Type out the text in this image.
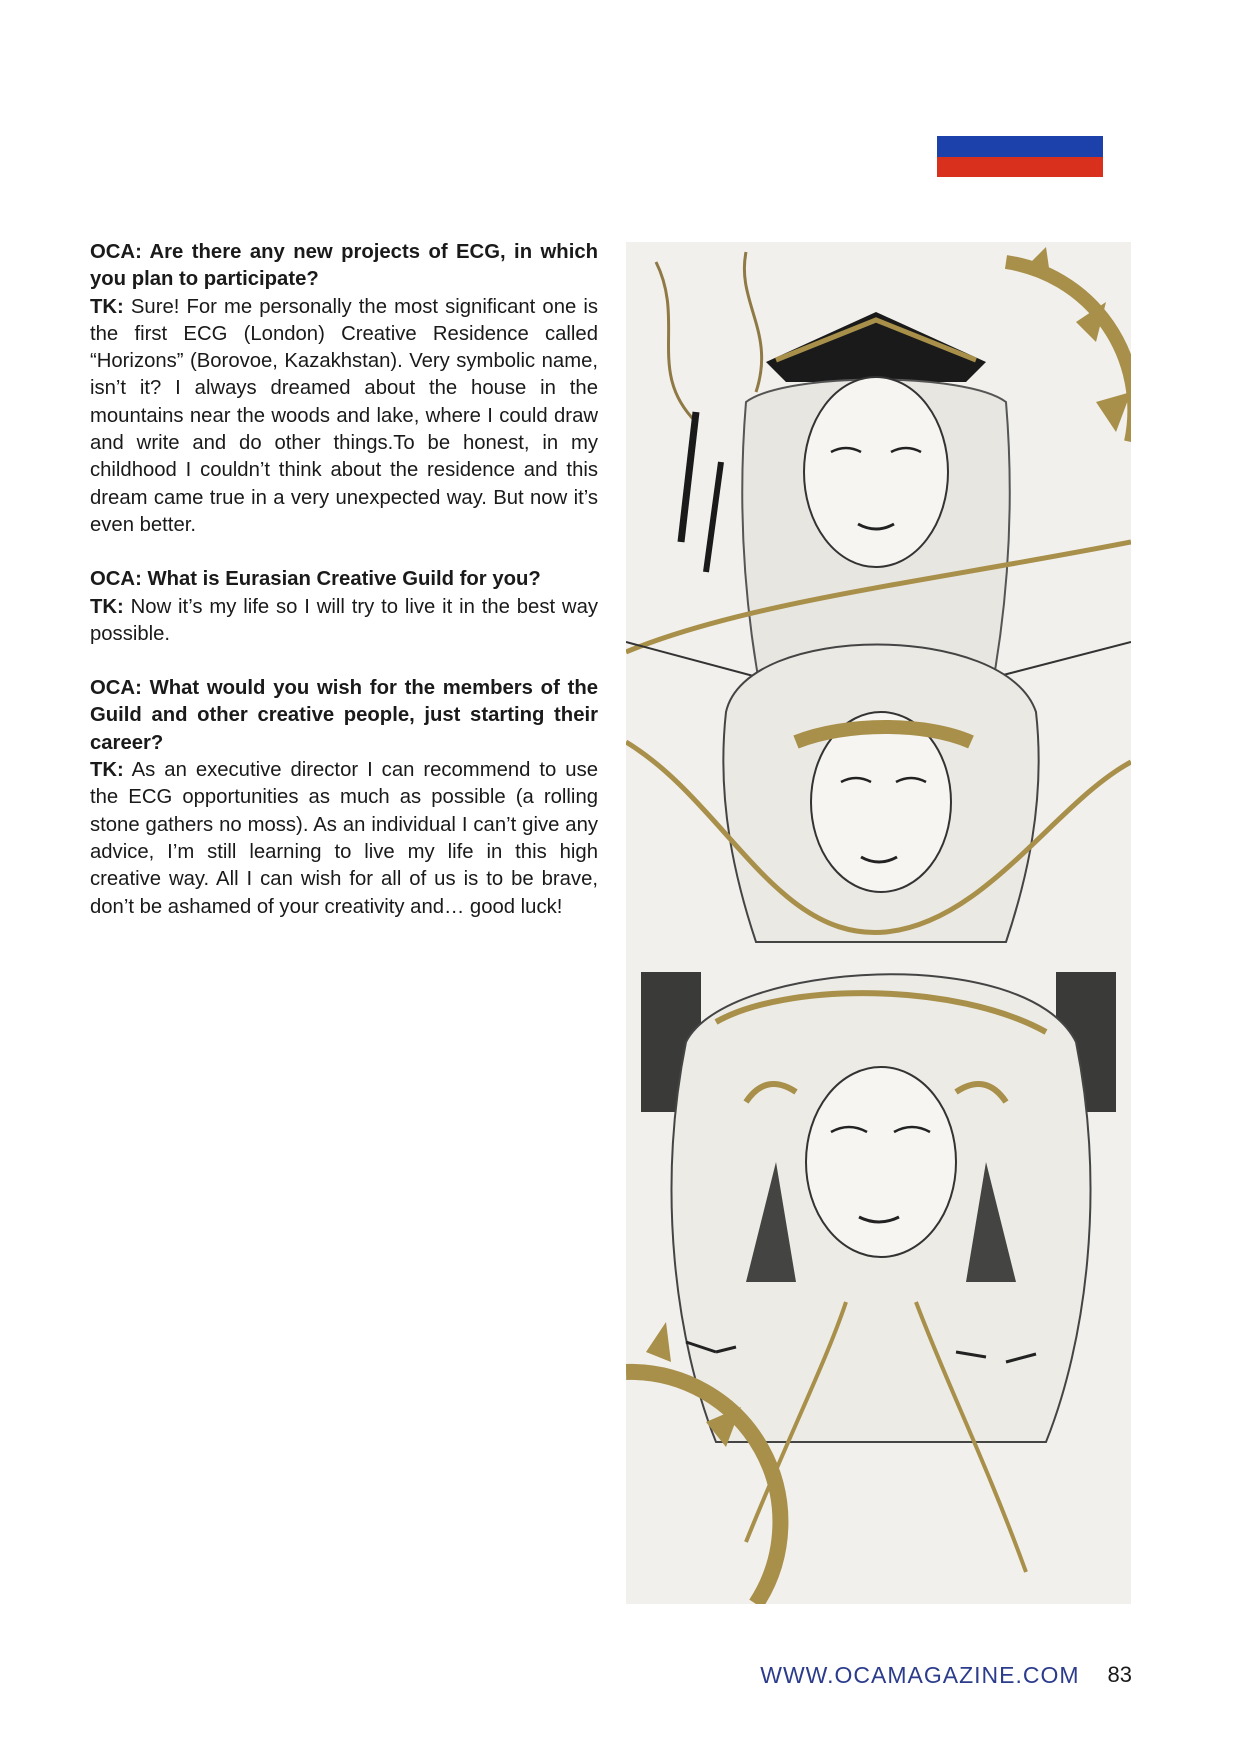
OCA: Are there any new projects of ECG, in which you plan to participate?
TK: Sure! For me personally the most significant one is the first ECG (London) Creative Residence called “Horizons” (Borovoe, Kazakhstan). Very symbolic name, isn’t it? I always dreamed about the house in the mountains near the woods and lake, where I could draw and write and do other things.To be honest, in my childhood I couldn’t think about the residence and this dream came true in a very unexpected way. But now it’s even better.
OCA: What is Eurasian Creative Guild for you?
TK: Now it’s my life so I will try to live it in the best way possible.
OCA: What would you wish for the members of the Guild and other creative people, just starting their career?
TK: As an executive director I can recommend to use the ECG opportunities as much as possible (a rolling stone gathers no moss). As an individual I can’t give any advice, I’m still learning to live my life in this high creative way. All I can wish for all of us is to be brave, don’t be ashamed of your creativity and… good luck!
WWW.OCAMAGAZINE.COM 83
